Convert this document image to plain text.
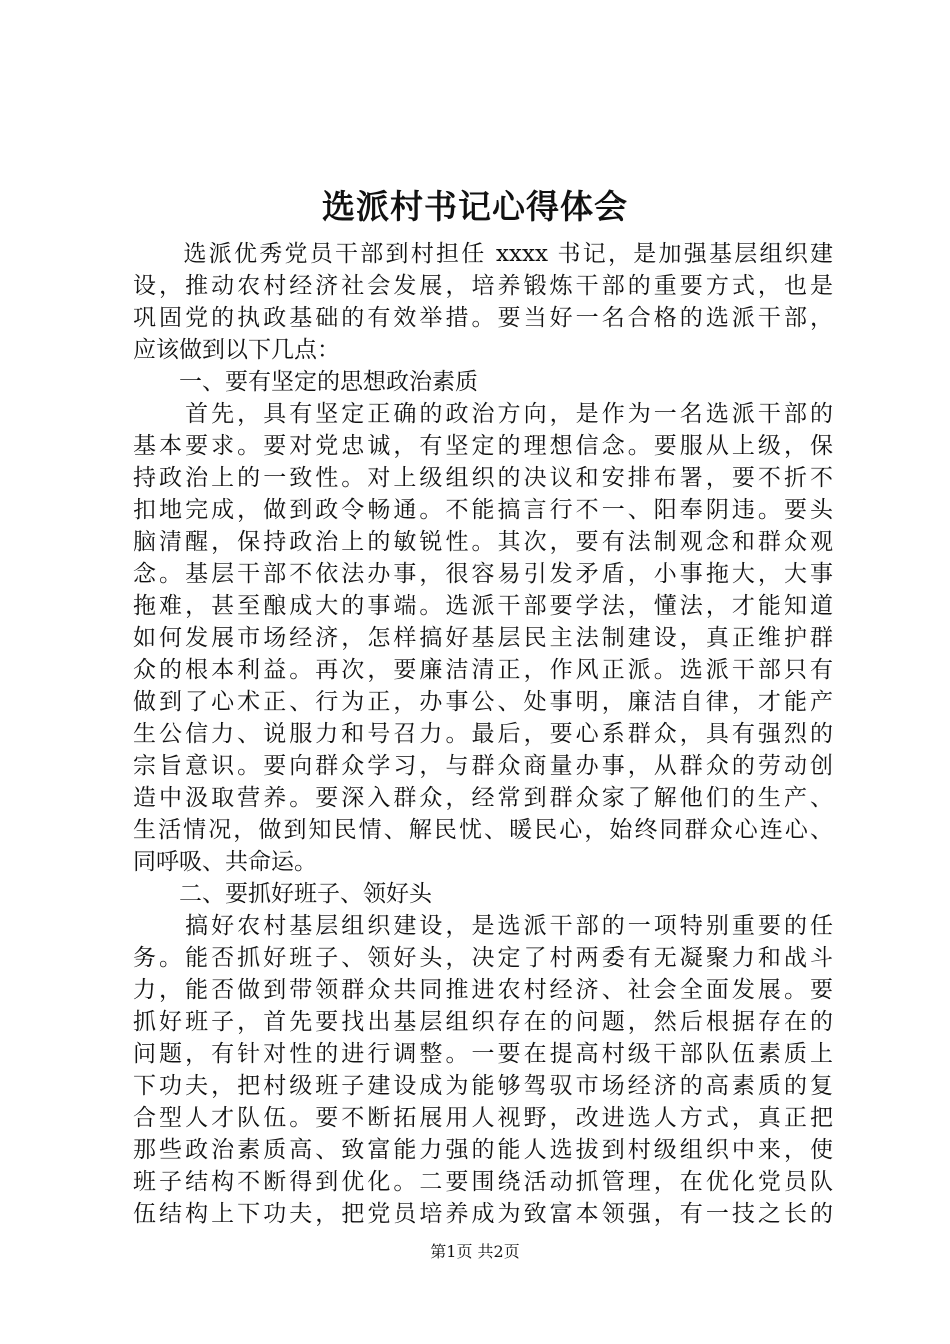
选派村书记心得体会
　　选派优秀党员干部到村担任 xxxx 书记，是加强基层组织建
设，推动农村经济社会发展，培养锻炼干部的重要方式，也是
巩固党的执政基础的有效举措。要当好一名合格的选派干部，
应该做到以下几点：
　　一、要有坚定的思想政治素质
　　首先，具有坚定正确的政治方向，是作为一名选派干部的
基本要求。要对党忠诚，有坚定的理想信念。要服从上级，保
持政治上的一致性。对上级组织的决议和安排布署，要不折不
扣地完成，做到政令畅通。不能搞言行不一、阳奉阴违。要头
脑清醒，保持政治上的敏锐性。其次，要有法制观念和群众观
念。基层干部不依法办事，很容易引发矛盾，小事拖大，大事
拖难，甚至酿成大的事端。选派干部要学法，懂法，才能知道
如何发展市场经济，怎样搞好基层民主法制建设，真正维护群
众的根本利益。再次，要廉洁清正，作风正派。选派干部只有
做到了心术正、行为正，办事公、处事明，廉洁自律，才能产
生公信力、说服力和号召力。最后，要心系群众，具有强烈的
宗旨意识。要向群众学习，与群众商量办事，从群众的劳动创
造中汲取营养。要深入群众，经常到群众家了解他们的生产、
生活情况，做到知民情、解民忧、暖民心，始终同群众心连心、
同呼吸、共命运。
　　二、要抓好班子、领好头
　　搞好农村基层组织建设，是选派干部的一项特别重要的任
务。能否抓好班子、领好头，决定了村两委有无凝聚力和战斗
力，能否做到带领群众共同推进农村经济、社会全面发展。要
抓好班子，首先要找出基层组织存在的问题，然后根据存在的
问题，有针对性的进行调整。一要在提高村级干部队伍素质上
下功夫，把村级班子建设成为能够驾驭市场经济的高素质的复
合型人才队伍。要不断拓展用人视野，改进选人方式，真正把
那些政治素质高、致富能力强的能人选拔到村级组织中来，使
班子结构不断得到优化。二要围绕活动抓管理，在优化党员队
伍结构上下功夫，把党员培养成为致富本领强，有一技之长的
第1页 共2页
